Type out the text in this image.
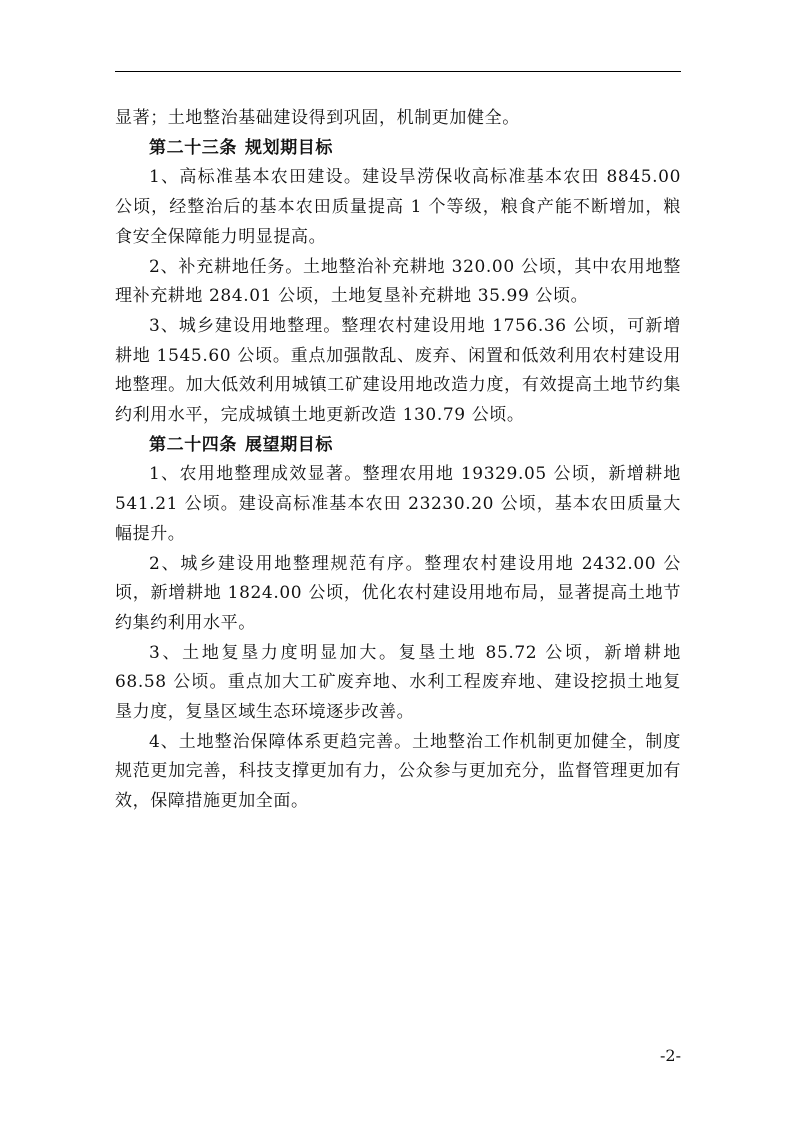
显著；土地整治基础建设得到巩固，机制更加健全。

第二十三条 规划期目标

1、高标准基本农田建设。建设旱涝保收高标准基本农田 8845.00 公顷，经整治后的基本农田质量提高 1 个等级，粮食产能不断增加，粮食安全保障能力明显提高。

2、补充耕地任务。土地整治补充耕地 320.00 公顷，其中农用地整理补充耕地 284.01 公顷，土地复垦补充耕地 35.99 公顷。

3、城乡建设用地整理。整理农村建设用地 1756.36 公顷，可新增耕地 1545.60 公顷。重点加强散乱、废弃、闲置和低效利用农村建设用地整理。加大低效利用城镇工矿建设用地改造力度，有效提高土地节约集约利用水平，完成城镇土地更新改造 130.79 公顷。

第二十四条 展望期目标

1、农用地整理成效显著。整理农用地 19329.05 公顷，新增耕地 541.21 公顷。建设高标准基本农田 23230.20 公顷，基本农田质量大幅提升。

2、城乡建设用地整理规范有序。整理农村建设用地 2432.00 公顷，新增耕地 1824.00 公顷，优化农村建设用地布局，显著提高土地节约集约利用水平。

3、土地复垦力度明显加大。复垦土地 85.72 公顷，新增耕地 68.58 公顷。重点加大工矿废弃地、水利工程废弃地、建设挖损土地复垦力度，复垦区域生态环境逐步改善。

4、土地整治保障体系更趋完善。土地整治工作机制更加健全，制度规范更加完善，科技支撑更加有力，公众参与更加充分，监督管理更加有效，保障措施更加全面。

-2-
